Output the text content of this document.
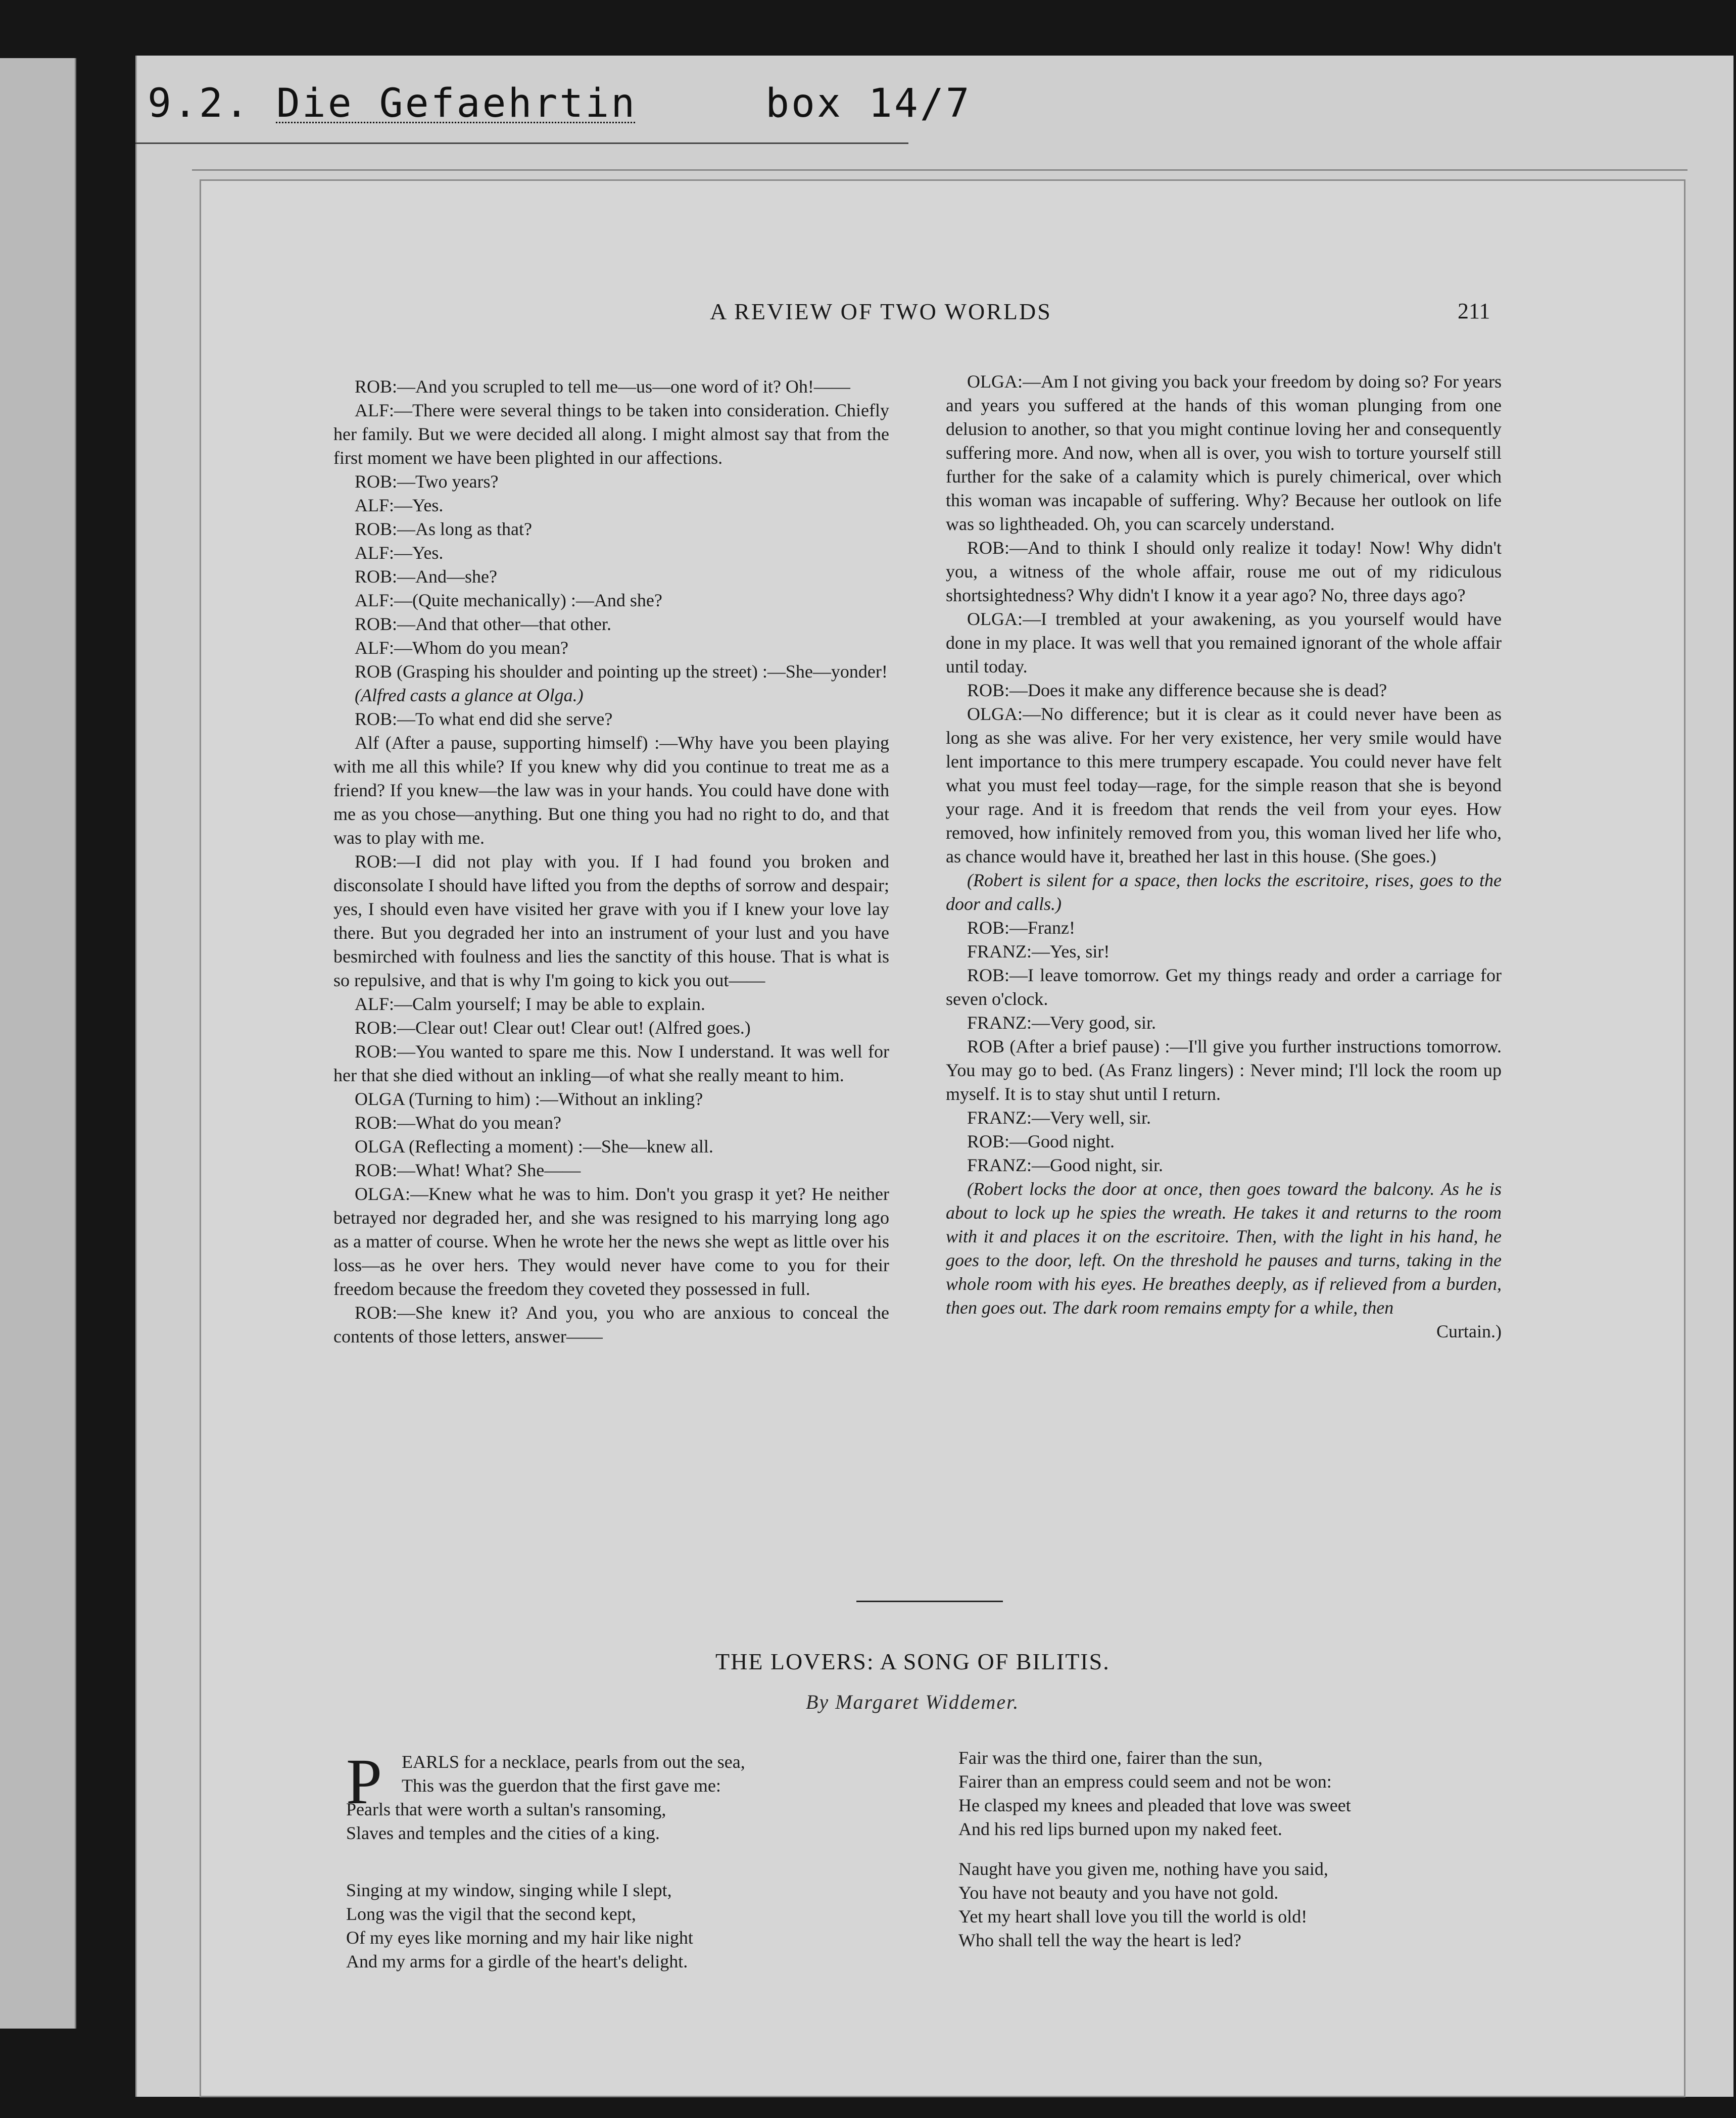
9.2. Die Gefaehrtin	box 14/7
A REVIEW OF TWO WORLDS	211

ROB:—And you scrupled to tell me—us—one word of it? Oh!——

ALF:—There were several things to be taken into consideration. Chiefly her family. But we were decided all along. I might almost say that from the first moment we have been plighted in our affections.

ROB:—Two years?

ALF:—Yes.

ROB:—As long as that?

ALF:—Yes.

ROB:—And—she?

ALF:—(Quite mechanically) :—And she?

ROB:—And that other—that other.

ALF:—Whom do you mean?

ROB (Grasping his shoulder and pointing up the street) :—She—yonder!

(Alfred casts a glance at Olga.)

ROB:—To what end did she serve?

Alf (After a pause, supporting himself) :—Why have you been playing with me all this while? If you knew why did you continue to treat me as a friend? If you knew—the law was in your hands. You could have done with me as you chose—anything. But one thing you had no right to do, and that was to play with me.

ROB:—I did not play with you. If I had found you broken and disconsolate I should have lifted you from the depths of sorrow and despair; yes, I should even have visited her grave with you if I knew your love lay there. But you degraded her into an instrument of your lust and you have besmirched with foulness and lies the sanctity of this house. That is what is so repulsive, and that is why I'm going to kick you out——

ALF:—Calm yourself; I may be able to explain.

ROB:—Clear out! Clear out! Clear out! (Alfred goes.)

ROB:—You wanted to spare me this. Now I understand. It was well for her that she died without an inkling—of what she really meant to him.

OLGA (Turning to him) :—Without an inkling?

ROB:—What do you mean?

OLGA (Reflecting a moment) :—She—knew all.

ROB:—What! What? She——

OLGA:—Knew what he was to him. Don't you grasp it yet? He neither betrayed nor degraded her, and she was resigned to his marrying long ago as a matter of course. When he wrote her the news she wept as little over his loss—as he over hers. They would never have come to you for their freedom because the freedom they coveted they possessed in full.

ROB:—She knew it? And you, you who are anxious to conceal the contents of those letters, answer——

OLGA:—Am I not giving you back your freedom by doing so? For years and years you suffered at the hands of this woman plunging from one delusion to another, so that you might continue loving her and consequently suffering more. And now, when all is over, you wish to torture yourself still further for the sake of a calamity which is purely chimerical, over which this woman was incapable of suffering. Why? Because her outlook on life was so lightheaded. Oh, you can scarcely understand.

ROB:—And to think I should only realize it today! Now! Why didn't you, a witness of the whole affair, rouse me out of my ridiculous shortsightedness? Why didn't I know it a year ago? No, three days ago?

OLGA:—I trembled at your awakening, as you yourself would have done in my place. It was well that you remained ignorant of the whole affair until today.

ROB:—Does it make any difference because she is dead?

OLGA:—No difference; but it is clear as it could never have been as long as she was alive. For her very existence, her very smile would have lent importance to this mere trumpery escapade. You could never have felt what you must feel today—rage, for the simple reason that she is beyond your rage. And it is freedom that rends the veil from your eyes. How removed, how infinitely removed from you, this woman lived her life who, as chance would have it, breathed her last in this house. (She goes.)

(Robert is silent for a space, then locks the escritoire, rises, goes to the door and calls.)

ROB:—Franz!

FRANZ:—Yes, sir!

ROB:—I leave tomorrow. Get my things ready and order a carriage for seven o'clock.

FRANZ:—Very good, sir.

ROB (After a brief pause) :—I'll give you further instructions tomorrow. You may go to bed. (As Franz lingers) : Never mind; I'll lock the room up myself. It is to stay shut until I return.

FRANZ:—Very well, sir.

ROB:—Good night.

FRANZ:—Good night, sir.

(Robert locks the door at once, then goes toward the balcony. As he is about to lock up he spies the wreath. He takes it and returns to the room with it and places it on the escritoire. Then, with the light in his hand, he goes to the door, left. On the threshold he pauses and turns, taking in the whole room with his eyes. He breathes deeply, as if relieved from a burden, then goes out. The dark room remains empty for a while, then

Curtain.)

THE LOVERS: A SONG OF BILITIS.
By Margaret Widdemer.
P	EARLS for a necklace, pearls from out the sea,
This was the guerdon that the first gave me:
Pearls that were worth a sultan's ransoming,
Slaves and temples and the cities of a king.
Singing at my window, singing while I slept,
Long was the vigil that the second kept,
Of my eyes like morning and my hair like night
And my arms for a girdle of the heart's delight.
Fair was the third one, fairer than the sun,
Fairer than an empress could seem and not be won:
He clasped my knees and pleaded that love was sweet
And his red lips burned upon my naked feet.
Naught have you given me, nothing have you said,
You have not beauty and you have not gold.
Yet my heart shall love you till the world is old!
Who shall tell the way the heart is led?
